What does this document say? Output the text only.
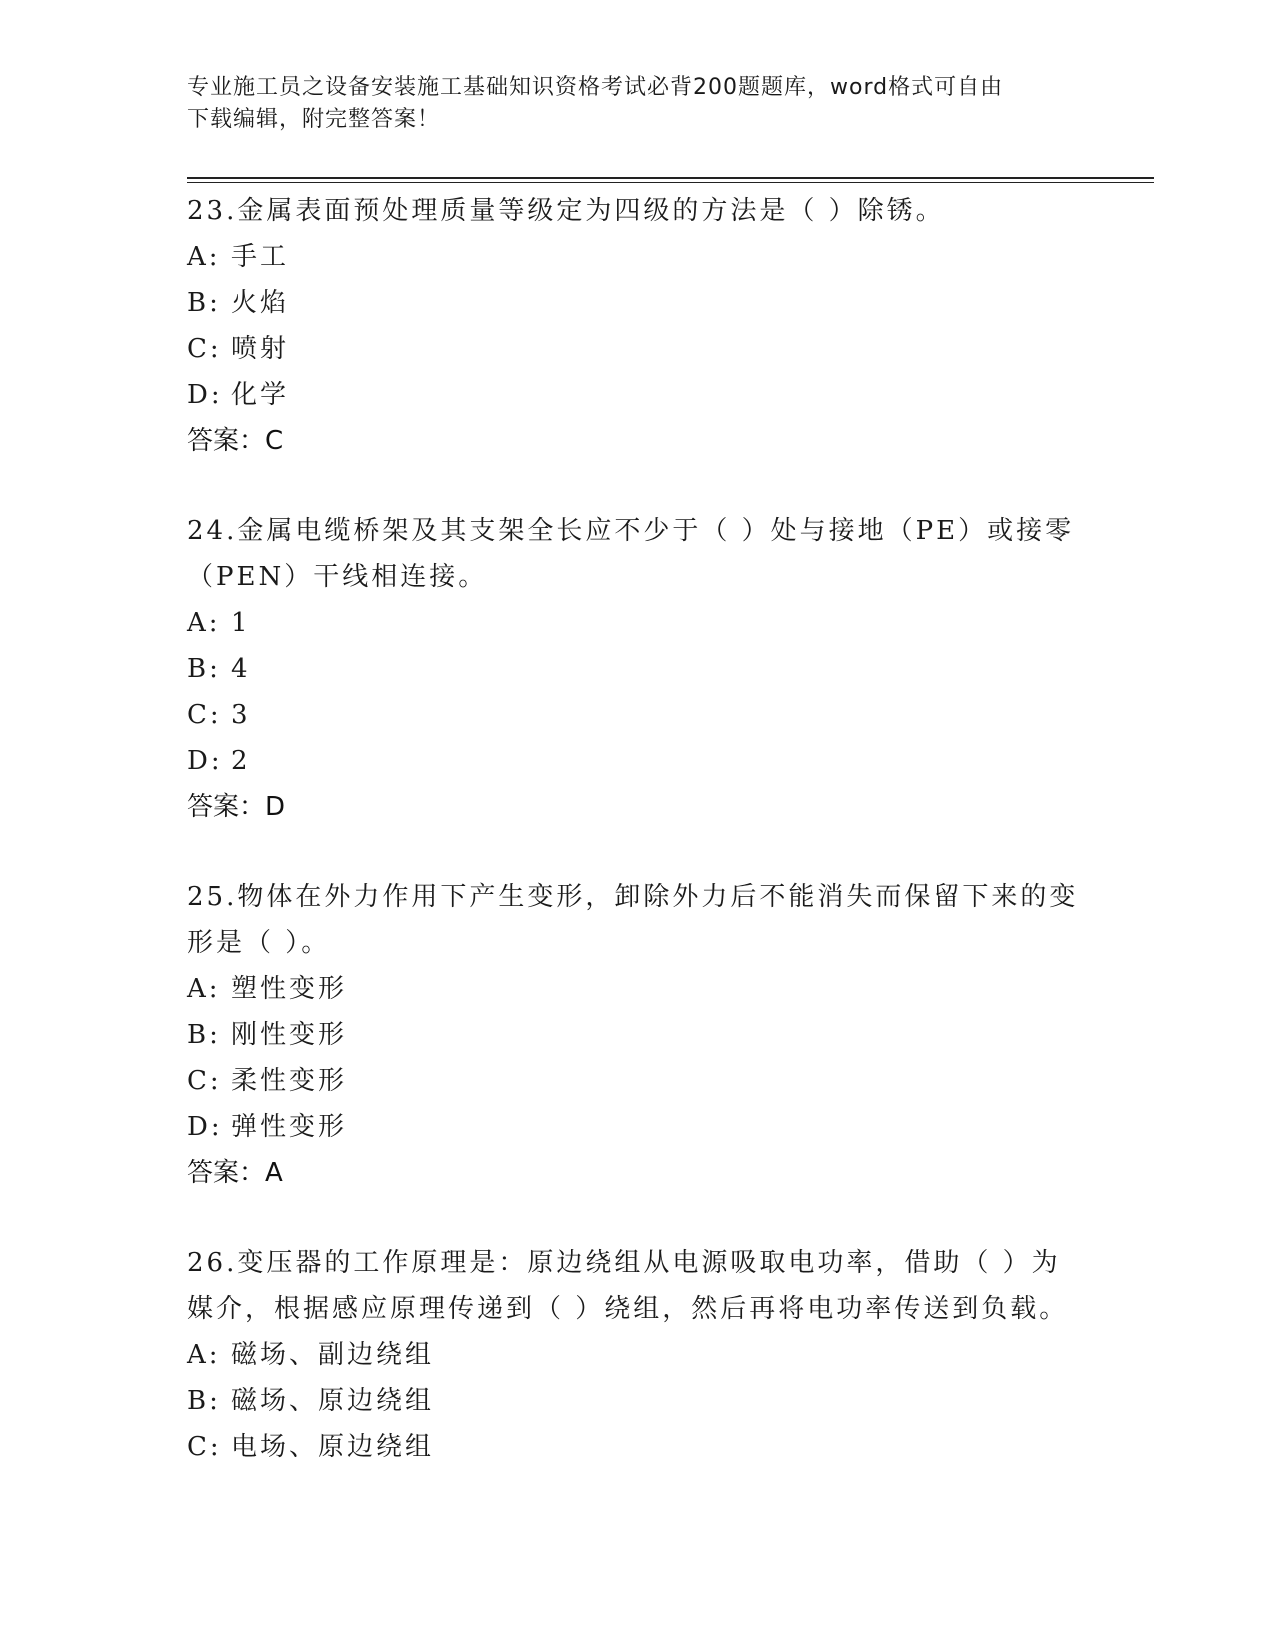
专业施工员之设备安装施工基础知识资格考试必背200题题库，word格式可自由
下载编辑，附完整答案！

23.金属表面预处理质量等级定为四级的方法是（ ）除锈。

A: 手工

B: 火焰

C: 喷射

D: 化学

答案：C

24.金属电缆桥架及其支架全长应不少于（ ）处与接地（PE）或接零（PEN）干线相连接。

A: 1

B: 4

C: 3

D: 2

答案：D

25.物体在外力作用下产生变形，卸除外力后不能消失而保留下来的变形是（ ）。

A: 塑性变形

B: 刚性变形

C: 柔性变形

D: 弹性变形

答案：A

26.变压器的工作原理是：原边绕组从电源吸取电功率，借助（ ）为媒介，根据感应原理传递到（ ）绕组，然后再将电功率传送到负载。

A: 磁场、副边绕组

B: 磁场、原边绕组

C: 电场、原边绕组
